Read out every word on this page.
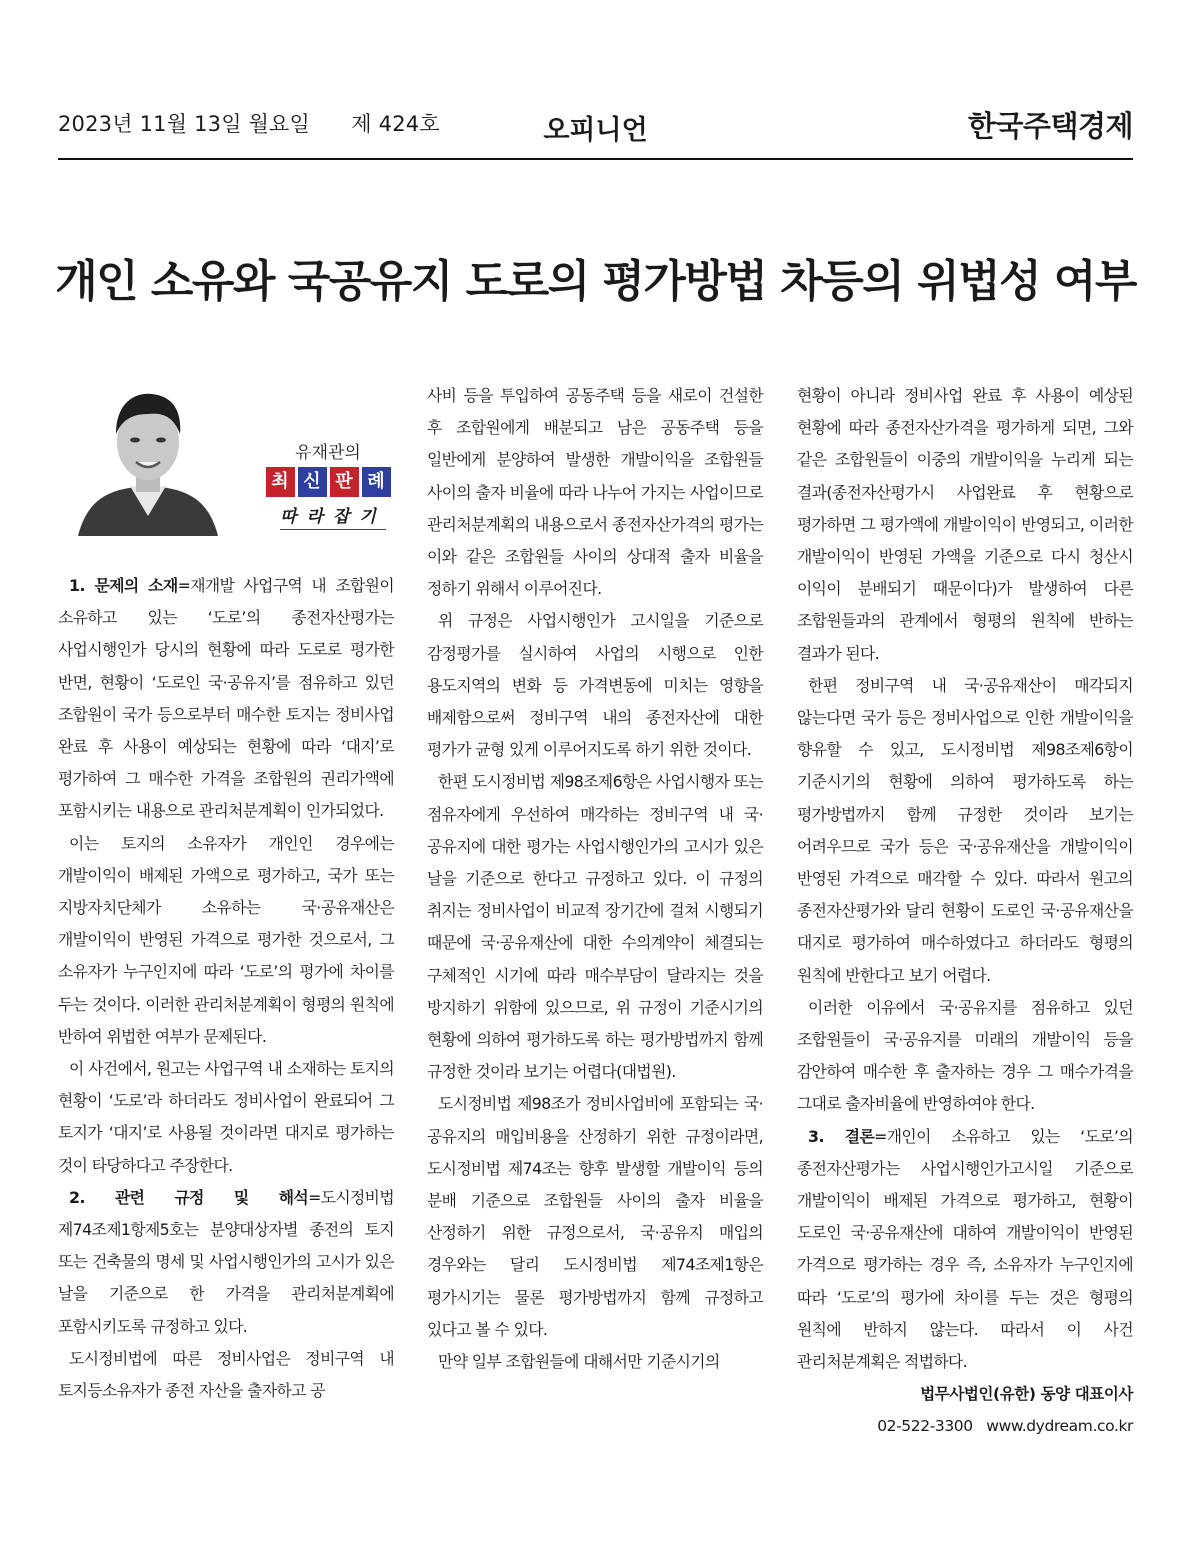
2023년 11월 13일 월요일      제 424호	오피니언	한국주택경제
개인 소유와 국공유지 도로의 평가방법 차등의 위법성 여부
유재관의
최 신 판 례
따라잡기

1. 문제의 소재=재개발 사업구역 내 조합원이 소유하고 있는 ‘도로’의 종전자산평가는 사업시행인가 당시의 현황에 따라 도로로 평가한 반면, 현황이 ‘도로인 국·공유지’를 점유하고 있던 조합원이 국가 등으로부터 매수한 토지는 정비사업 완료 후 사용이 예상되는 현황에 따라 ‘대지’로 평가하여 그 매수한 가격을 조합원의 권리가액에 포함시키는 내용으로 관리처분계획이 인가되었다.

이는 토지의 소유자가 개인인 경우에는 개발이익이 배제된 가액으로 평가하고, 국가 또는 지방자치단체가 소유하는 국·공유재산은 개발이익이 반영된 가격으로 평가한 것으로서, 그 소유자가 누구인지에 따라 ‘도로’의 평가에 차이를 두는 것이다. 이러한 관리처분계획이 형평의 원칙에 반하여 위법한 여부가 문제된다.

이 사건에서, 원고는 사업구역 내 소재하는 토지의 현황이 ‘도로’라 하더라도 정비사업이 완료되어 그 토지가 ‘대지’로 사용될 것이라면 대지로 평가하는 것이 타당하다고 주장한다.

2. 관련 규정 및 해석=도시정비법 제74조제1항제5호는 분양대상자별 종전의 토지 또는 건축물의 명세 및 사업시행인가의 고시가 있은 날을 기준으로 한 가격을 관리처분계획에 포함시키도록 규정하고 있다.

도시정비법에 따른 정비사업은 정비구역 내 토지등소유자가 종전 자산을 출자하고 공

사비 등을 투입하여 공동주택 등을 새로이 건설한 후 조합원에게 배분되고 남은 공동주택 등을 일반에게 분양하여 발생한 개발이익을 조합원들 사이의 출자 비율에 따라 나누어 가지는 사업이므로 관리처분계획의 내용으로서 종전자산가격의 평가는 이와 같은 조합원들 사이의 상대적 출자 비율을 정하기 위해서 이루어진다.

위 규정은 사업시행인가 고시일을 기준으로 감정평가를 실시하여 사업의 시행으로 인한 용도지역의 변화 등 가격변동에 미치는 영향을 배제함으로써 정비구역 내의 종전자산에 대한 평가가 균형 있게 이루어지도록 하기 위한 것이다.

한편 도시정비법 제98조제6항은 사업시행자 또는 점유자에게 우선하여 매각하는 정비구역 내 국·공유지에 대한 평가는 사업시행인가의 고시가 있은 날을 기준으로 한다고 규정하고 있다. 이 규정의 취지는 정비사업이 비교적 장기간에 걸쳐 시행되기 때문에 국·공유재산에 대한 수의계약이 체결되는 구체적인 시기에 따라 매수부담이 달라지는 것을 방지하기 위함에 있으므로, 위 규정이 기준시기의 현황에 의하여 평가하도록 하는 평가방법까지 함께 규정한 것이라 보기는 어렵다(대법원).

도시정비법 제98조가 정비사업비에 포함되는 국·공유지의 매입비용을 산정하기 위한 규정이라면, 도시정비법 제74조는 향후 발생할 개발이익 등의 분배 기준으로 조합원들 사이의 출자 비율을 산정하기 위한 규정으로서, 국·공유지 매입의 경우와는 달리 도시정비법 제74조제1항은 평가시기는 물론 평가방법까지 함께 규정하고 있다고 볼 수 있다.

만약 일부 조합원들에 대해서만 기준시기의

현황이 아니라 정비사업 완료 후 사용이 예상된 현황에 따라 종전자산가격을 평가하게 되면, 그와 같은 조합원들이 이중의 개발이익을 누리게 되는 결과(종전자산평가시 사업완료 후 현황으로 평가하면 그 평가액에 개발이익이 반영되고, 이러한 개발이익이 반영된 가액을 기준으로 다시 청산시 이익이 분배되기 때문이다)가 발생하여 다른 조합원들과의 관계에서 형평의 원칙에 반하는 결과가 된다.

한편 정비구역 내 국·공유재산이 매각되지 않는다면 국가 등은 정비사업으로 인한 개발이익을 향유할 수 있고, 도시정비법 제98조제6항이 기준시기의 현황에 의하여 평가하도록 하는 평가방법까지 함께 규정한 것이라 보기는 어려우므로 국가 등은 국·공유재산을 개발이익이 반영된 가격으로 매각할 수 있다. 따라서 원고의 종전자산평가와 달리 현황이 도로인 국·공유재산을 대지로 평가하여 매수하였다고 하더라도 형평의 원칙에 반한다고 보기 어렵다.

이러한 이유에서 국·공유지를 점유하고 있던 조합원들이 국·공유지를 미래의 개발이익 등을 감안하여 매수한 후 출자하는 경우 그 매수가격을 그대로 출자비율에 반영하여야 한다.

3. 결론=개인이 소유하고 있는 ‘도로’의 종전자산평가는 사업시행인가고시일 기준으로 개발이익이 배제된 가격으로 평가하고, 현황이 도로인 국·공유재산에 대하여 개발이익이 반영된 가격으로 평가하는 경우 즉, 소유자가 누구인지에 따라 ‘도로’의 평가에 차이를 두는 것은 형평의 원칙에 반하지 않는다. 따라서 이 사건 관리처분계획은 적법하다.

법무사법인(유한) 동양 대표이사
02-522-3300   www.dydream.co.kr
